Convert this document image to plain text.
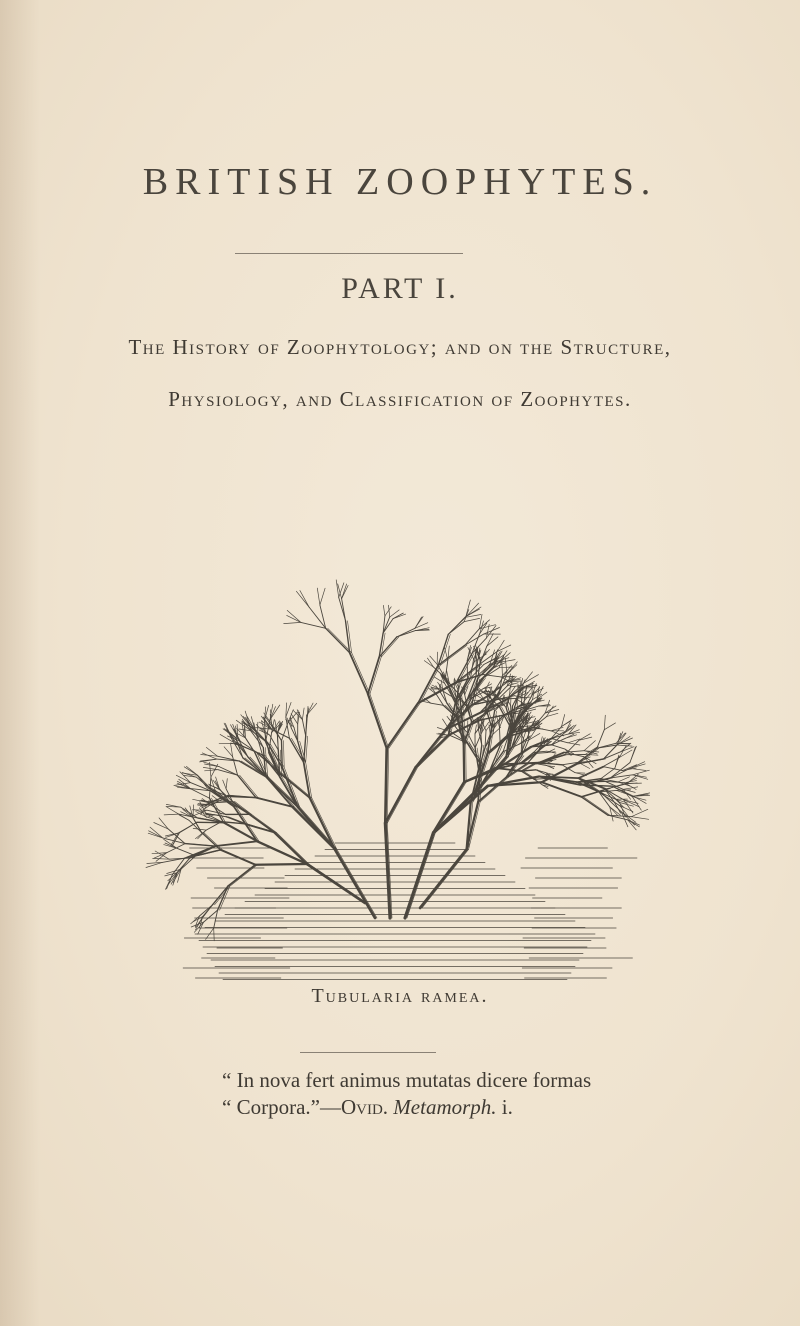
BRITISH ZOOPHYTES.
PART I.

The History of Zoophytology; and on the Structure,

Physiology, and Classification of Zoophytes.

Tubularia ramea.
“ In nova fert animus mutatas dicere formas
“ Corpora.”—Ovid. Metamorph. i.
